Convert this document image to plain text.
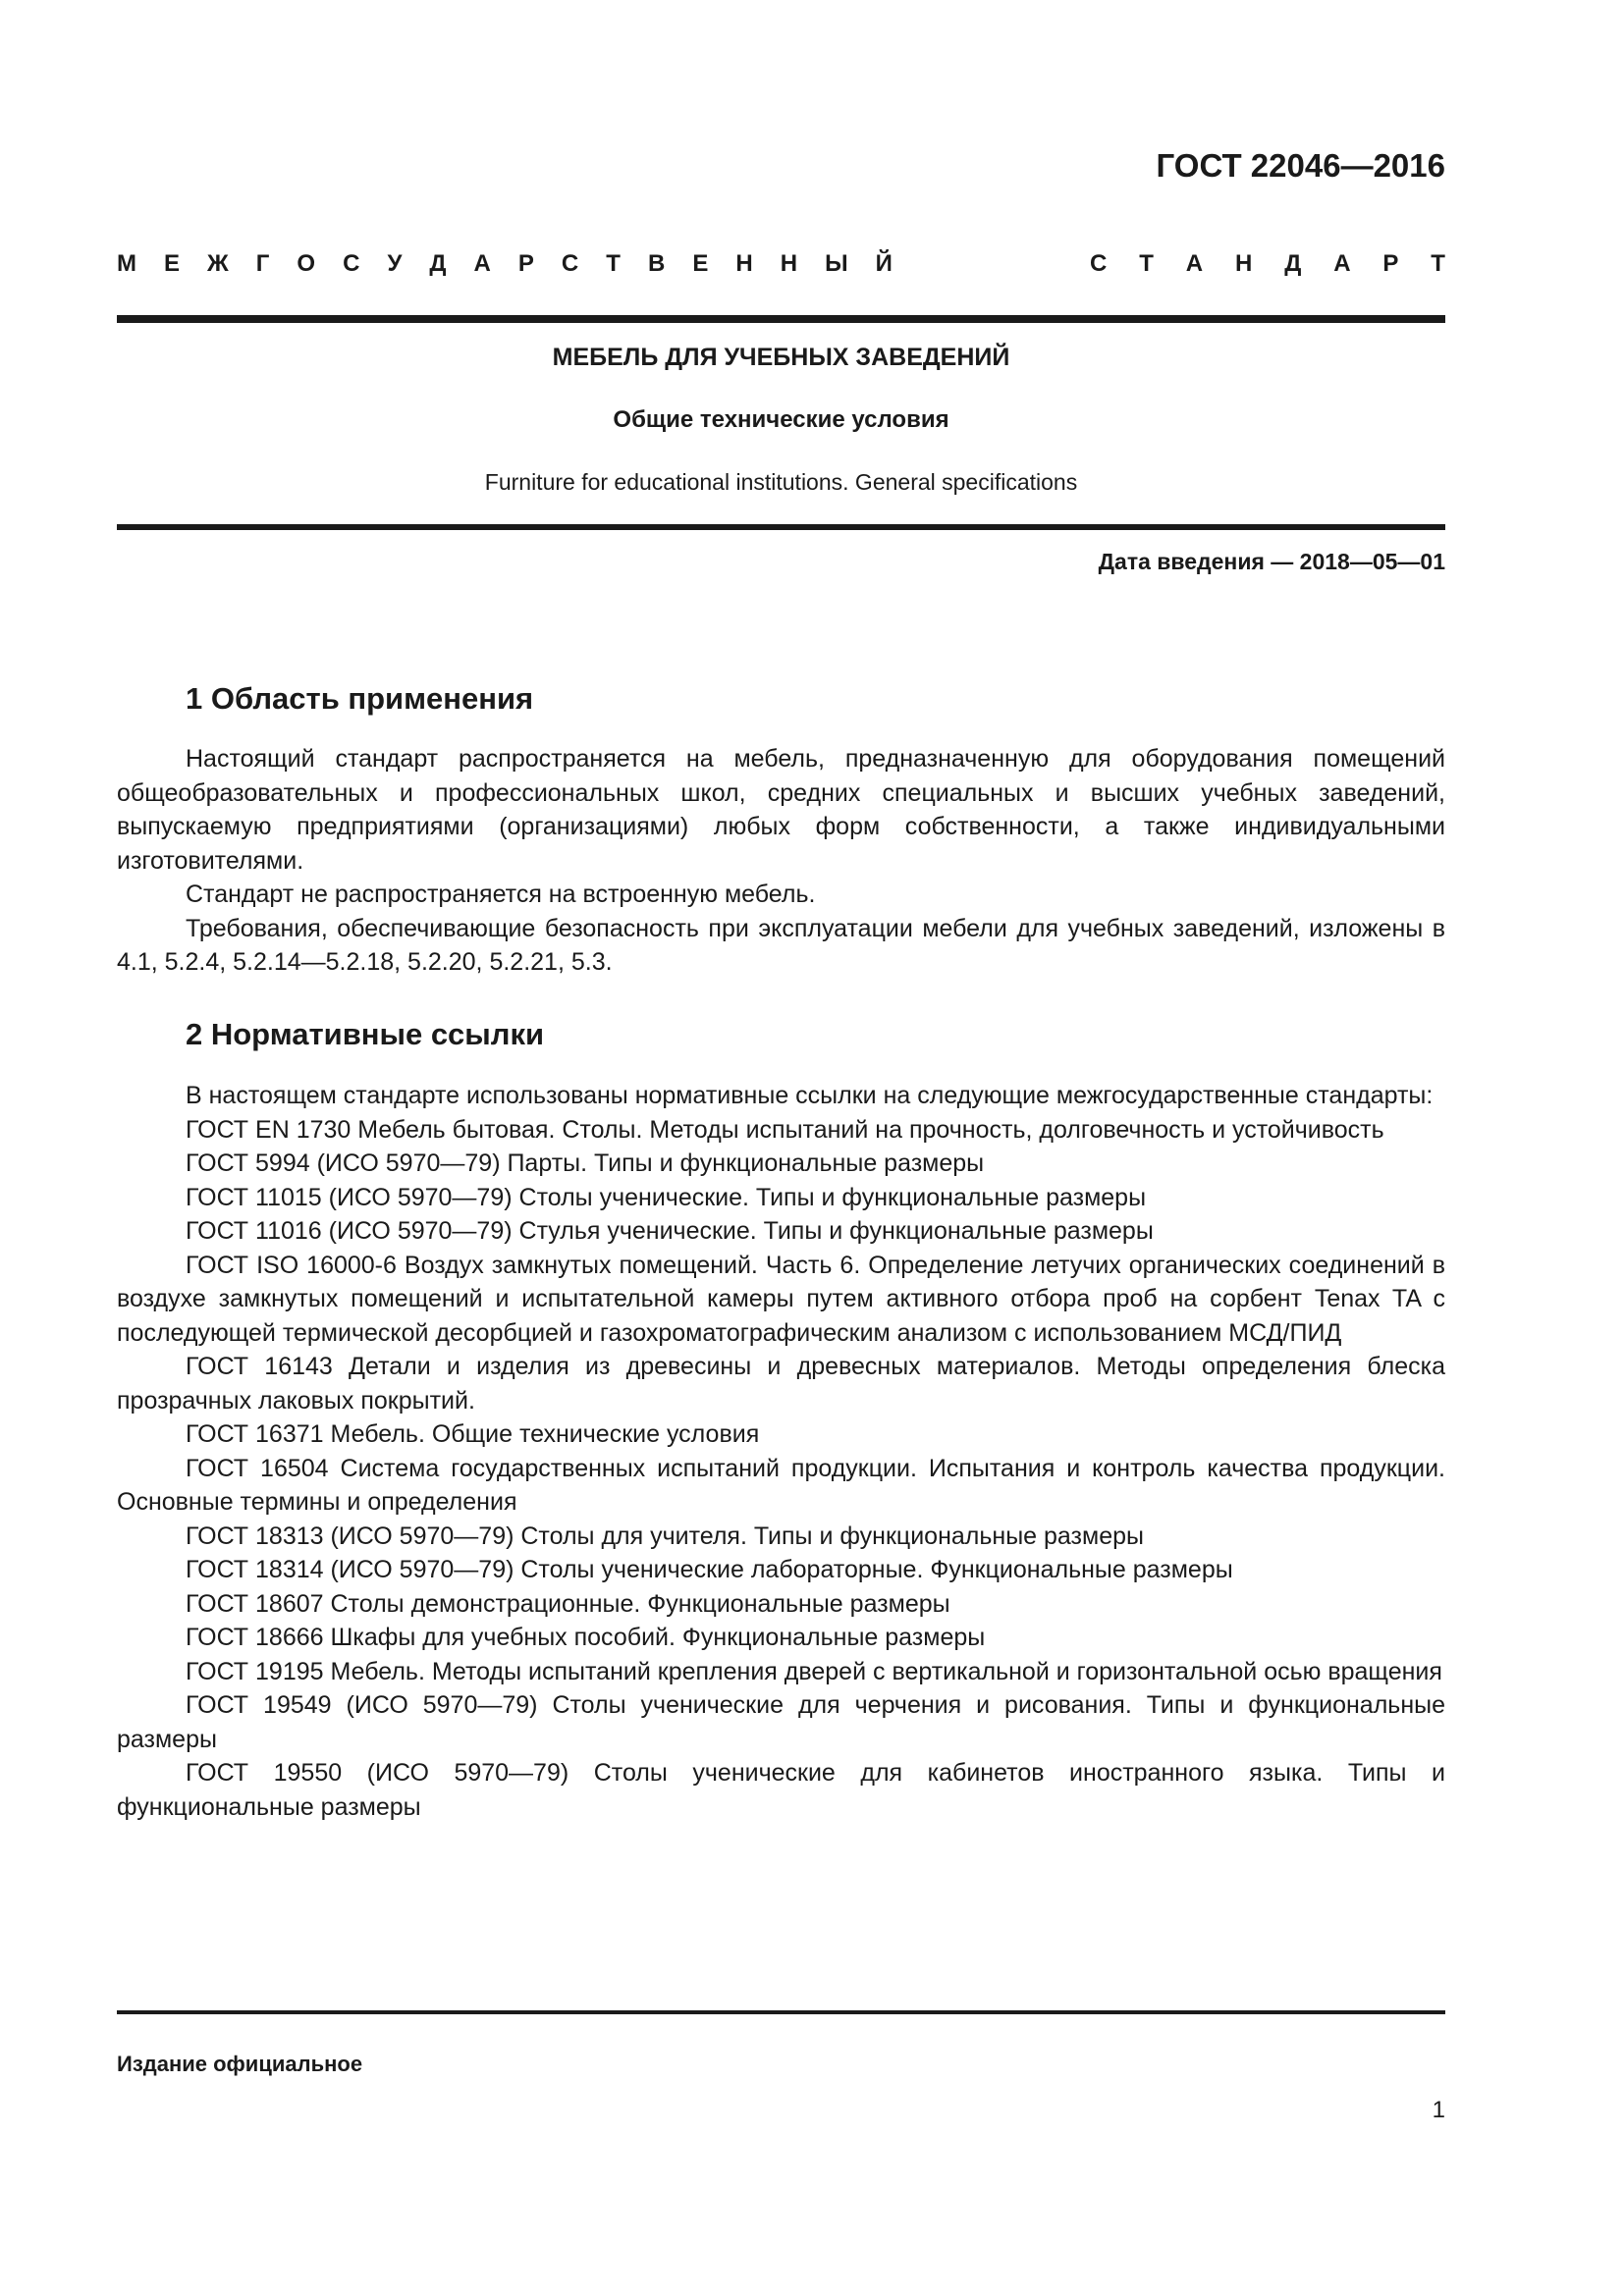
ГОСТ 22046—2016
М Е Ж Г О С У Д А Р С Т В Е Н Н Ы Й	С Т А Н Д А Р Т
МЕБЕЛЬ ДЛЯ УЧЕБНЫХ ЗАВЕДЕНИЙ
Общие технические условия
Furniture for educational institutions. General specifications
Дата введения — 2018—05—01
1 Область применения

Настоящий стандарт распространяется на мебель, предназначенную для оборудования помещений общеобразовательных и профессиональных школ, средних специальных и высших учебных заведений, выпускаемую предприятиями (организациями) любых форм собственности, а также индивидуальными изготовителями.

Стандарт не распространяется на встроенную мебель.

Требования, обеспечивающие безопасность при эксплуатации мебели для учебных заведений, изложены в 4.1, 5.2.4, 5.2.14—5.2.18, 5.2.20, 5.2.21, 5.3.

2 Нормативные ссылки

В настоящем стандарте использованы нормативные ссылки на следующие межгосударственные стандарты:

ГОСТ EN 1730 Мебель бытовая. Столы. Методы испытаний на прочность, долговечность и устойчивость

ГОСТ 5994 (ИСО 5970—79) Парты. Типы и функциональные размеры

ГОСТ 11015 (ИСО 5970—79) Столы ученические. Типы и функциональные размеры

ГОСТ 11016 (ИСО 5970—79) Стулья ученические. Типы и функциональные размеры

ГОСТ ISO 16000-6 Воздух замкнутых помещений. Часть 6. Определение летучих органических соединений в воздухе замкнутых помещений и испытательной камеры путем активного отбора проб на сорбент Tenax TA с последующей термической десорбцией и газохроматографическим анализом с использованием МСД/ПИД

ГОСТ 16143 Детали и изделия из древесины и древесных материалов. Методы определения блеска прозрачных лаковых покрытий.

ГОСТ 16371 Мебель. Общие технические условия

ГОСТ 16504 Система государственных испытаний продукции. Испытания и контроль качества продукции. Основные термины и определения

ГОСТ 18313 (ИСО 5970—79) Столы для учителя. Типы и функциональные размеры

ГОСТ 18314 (ИСО 5970—79) Столы ученические лабораторные. Функциональные размеры

ГОСТ 18607 Столы демонстрационные. Функциональные размеры

ГОСТ 18666 Шкафы для учебных пособий. Функциональные размеры

ГОСТ 19195 Мебель. Методы испытаний крепления дверей с вертикальной и горизонтальной осью вращения

ГОСТ 19549 (ИСО 5970—79) Столы ученические для черчения и рисования. Типы и функциональные размеры

ГОСТ 19550 (ИСО 5970—79) Столы ученические для кабинетов иностранного языка. Типы и функциональные размеры

Издание официальное
1
